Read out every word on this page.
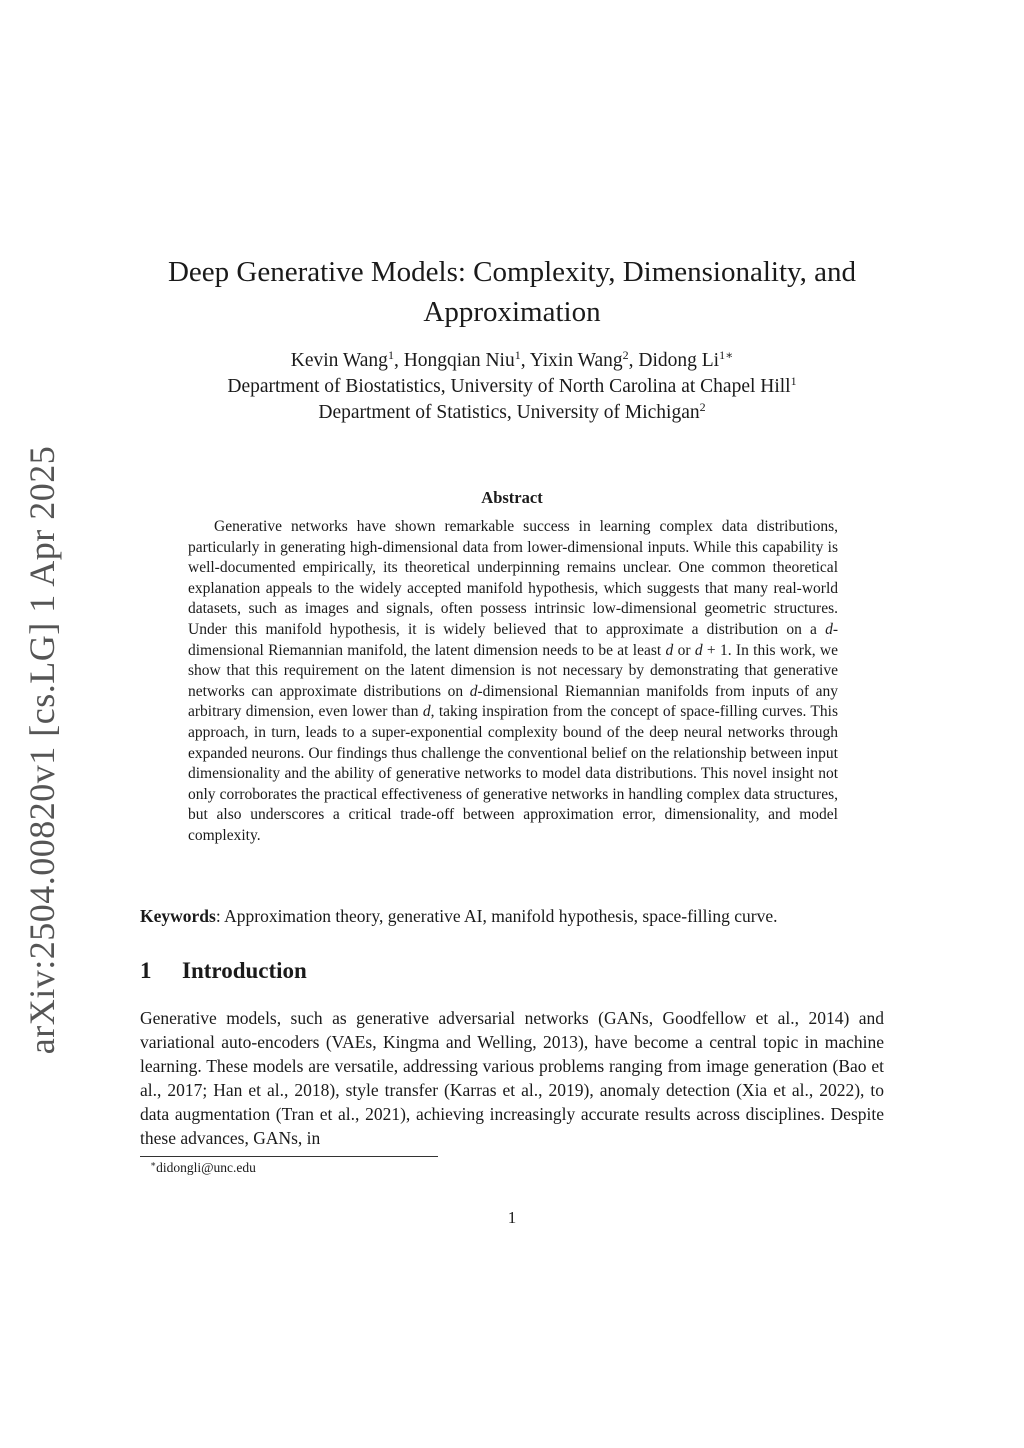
arXiv:2504.00820v1 [cs.LG] 1 Apr 2025
Deep Generative Models: Complexity, Dimensionality, and Approximation
Kevin Wang$^1$, Hongqian Niu$^1$, Yixin Wang$^2$, Didong $Li^{1∗}$
Department of Biostatistics, University of North Carolina at Chapel Hill$^1$
Department of Statistics, University of Michigan$^2$
Abstract

Generative networks have shown remarkable success in learning complex data distributions, particularly in generating high-dimensional data from lower-dimensional inputs. While this capability is well-documented empirically, its theoretical underpinning remains unclear. One common theoretical explanation appeals to the widely accepted manifold hypothesis, which suggests that many real-world datasets, such as images and signals, often possess intrinsic low-dimensional geometric structures. Under this manifold hypothesis, it is widely believed that to approximate a distribution on a d-dimensional Riemannian manifold, the latent dimension needs to be at least d or d + 1. In this work, we show that this requirement on the latent dimension is not necessary by demonstrating that generative networks can approximate distributions on d-dimensional Riemannian manifolds from inputs of any arbitrary dimension, even lower than d, taking inspiration from the concept of space-filling curves. This approach, in turn, leads to a super-exponential complexity bound of the deep neural networks through expanded neurons. Our findings thus challenge the conventional belief on the relationship between input dimensionality and the ability of generative networks to model data distributions. This novel insight not only corroborates the practical effectiveness of generative networks in handling complex data structures, but also underscores a critical trade-off between approximation error, dimensionality, and model complexity.

Keywords: Approximation theory, generative AI, manifold hypothesis, space-filling curve.
1 Introduction

Generative models, such as generative adversarial networks (GANs, Goodfellow et al., 2014) and variational auto-encoders (VAEs, Kingma and Welling, 2013), have become a central topic in machine learning. These models are versatile, addressing various problems ranging from image generation (Bao et al., 2017; Han et al., 2018), style transfer (Karras et al., 2019), anomaly detection (Xia et al., 2022), to data augmentation (Tran et al., 2021), achieving increasingly accurate results across disciplines. Despite these advances, GANs, in

∗didongli@unc.edu
1
